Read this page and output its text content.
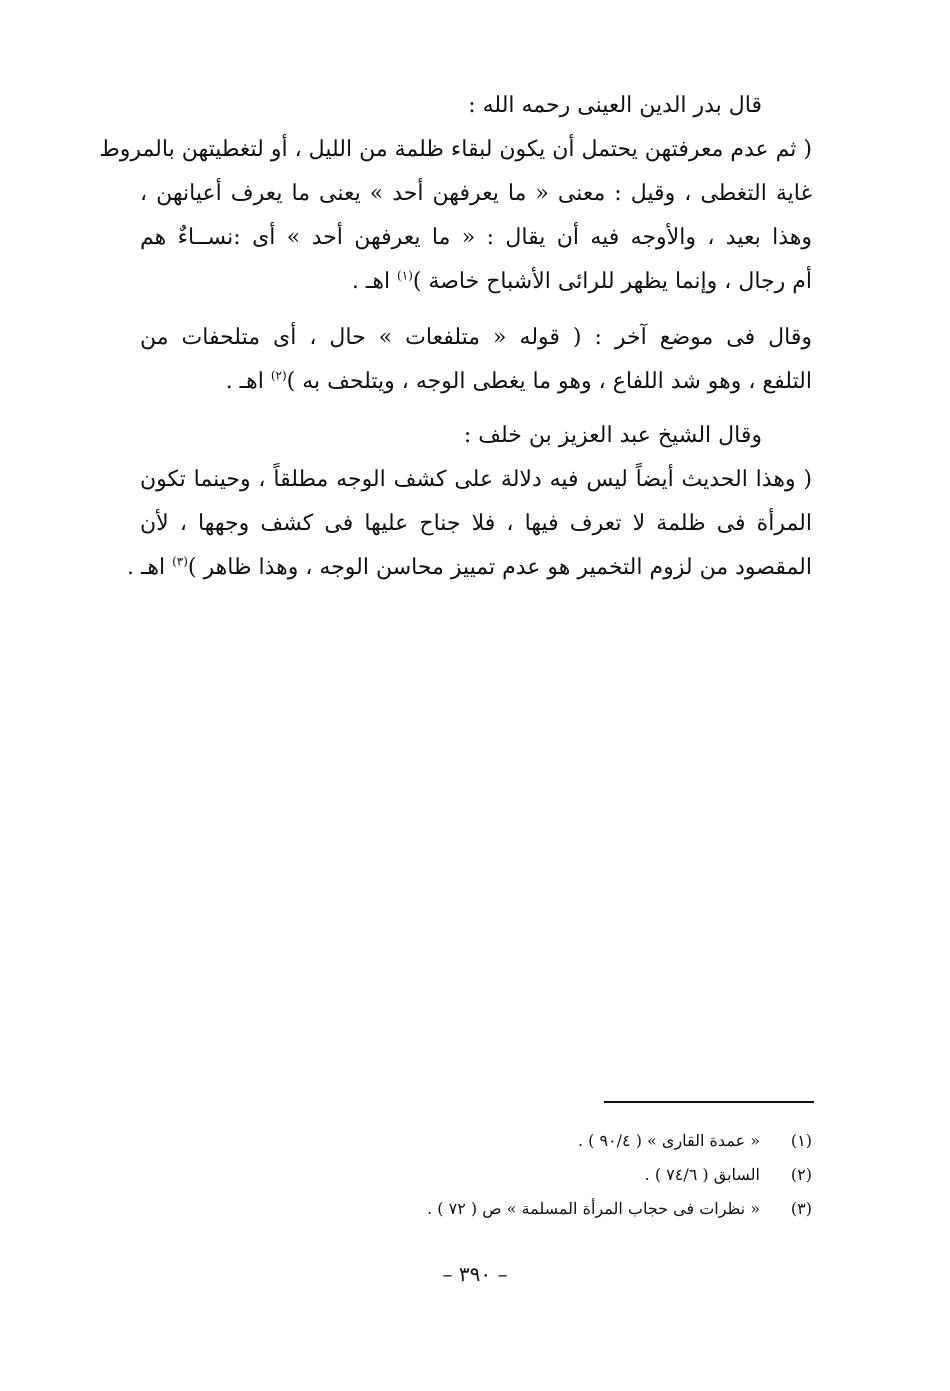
قال بدر الدين العينى رحمه الله :
( ثم عدم معرفتهن يحتمل أن يكون لبقاء ظلمة من الليل ، أو لتغطيتهن بالمروط
غاية التغطى ، وقيل : معنى « ما يعرفهن أحد » يعنى ما يعرف أعيانهن ،
وهذا بعيد ، والأوجه فيه أن يقال : « ما يعرفهن أحد » أى :نســاءٌ هم
أم رجال ، وإنما يظهر للرائى الأشباح خاصة )$^{(١)}$ اهـ .
وقال فى موضع آخر : ( قوله « متلفعات » حال ، أى متلحفات من
التلفع ، وهو شد اللفاع ، وهو ما يغطى الوجه ، ويتلحف به )$^{(٢)}$ اهـ .
وقال الشيخ عبد العزيز بن خلف :
( وهذا الحديث أيضاً ليس فيه دلالة على كشف الوجه مطلقاً ، وحينما تكون
المرأة فى ظلمة لا تعرف فيها ، فلا جناح عليها فى كشف وجهها ، لأن
المقصود من لزوم التخمير هو عدم تمييز محاسن الوجه ، وهذا ظاهر )$^{(٣)}$ اهـ .
(١)
« عمدة القارى » ( ٩٠/٤ ) .
(٢)
السابق ( ٧٤/٦ ) .
(٣)
« نظرات فى حجاب المرأة المسلمة » ص ( ٧٢ ) .
– ٣٩٠ –
